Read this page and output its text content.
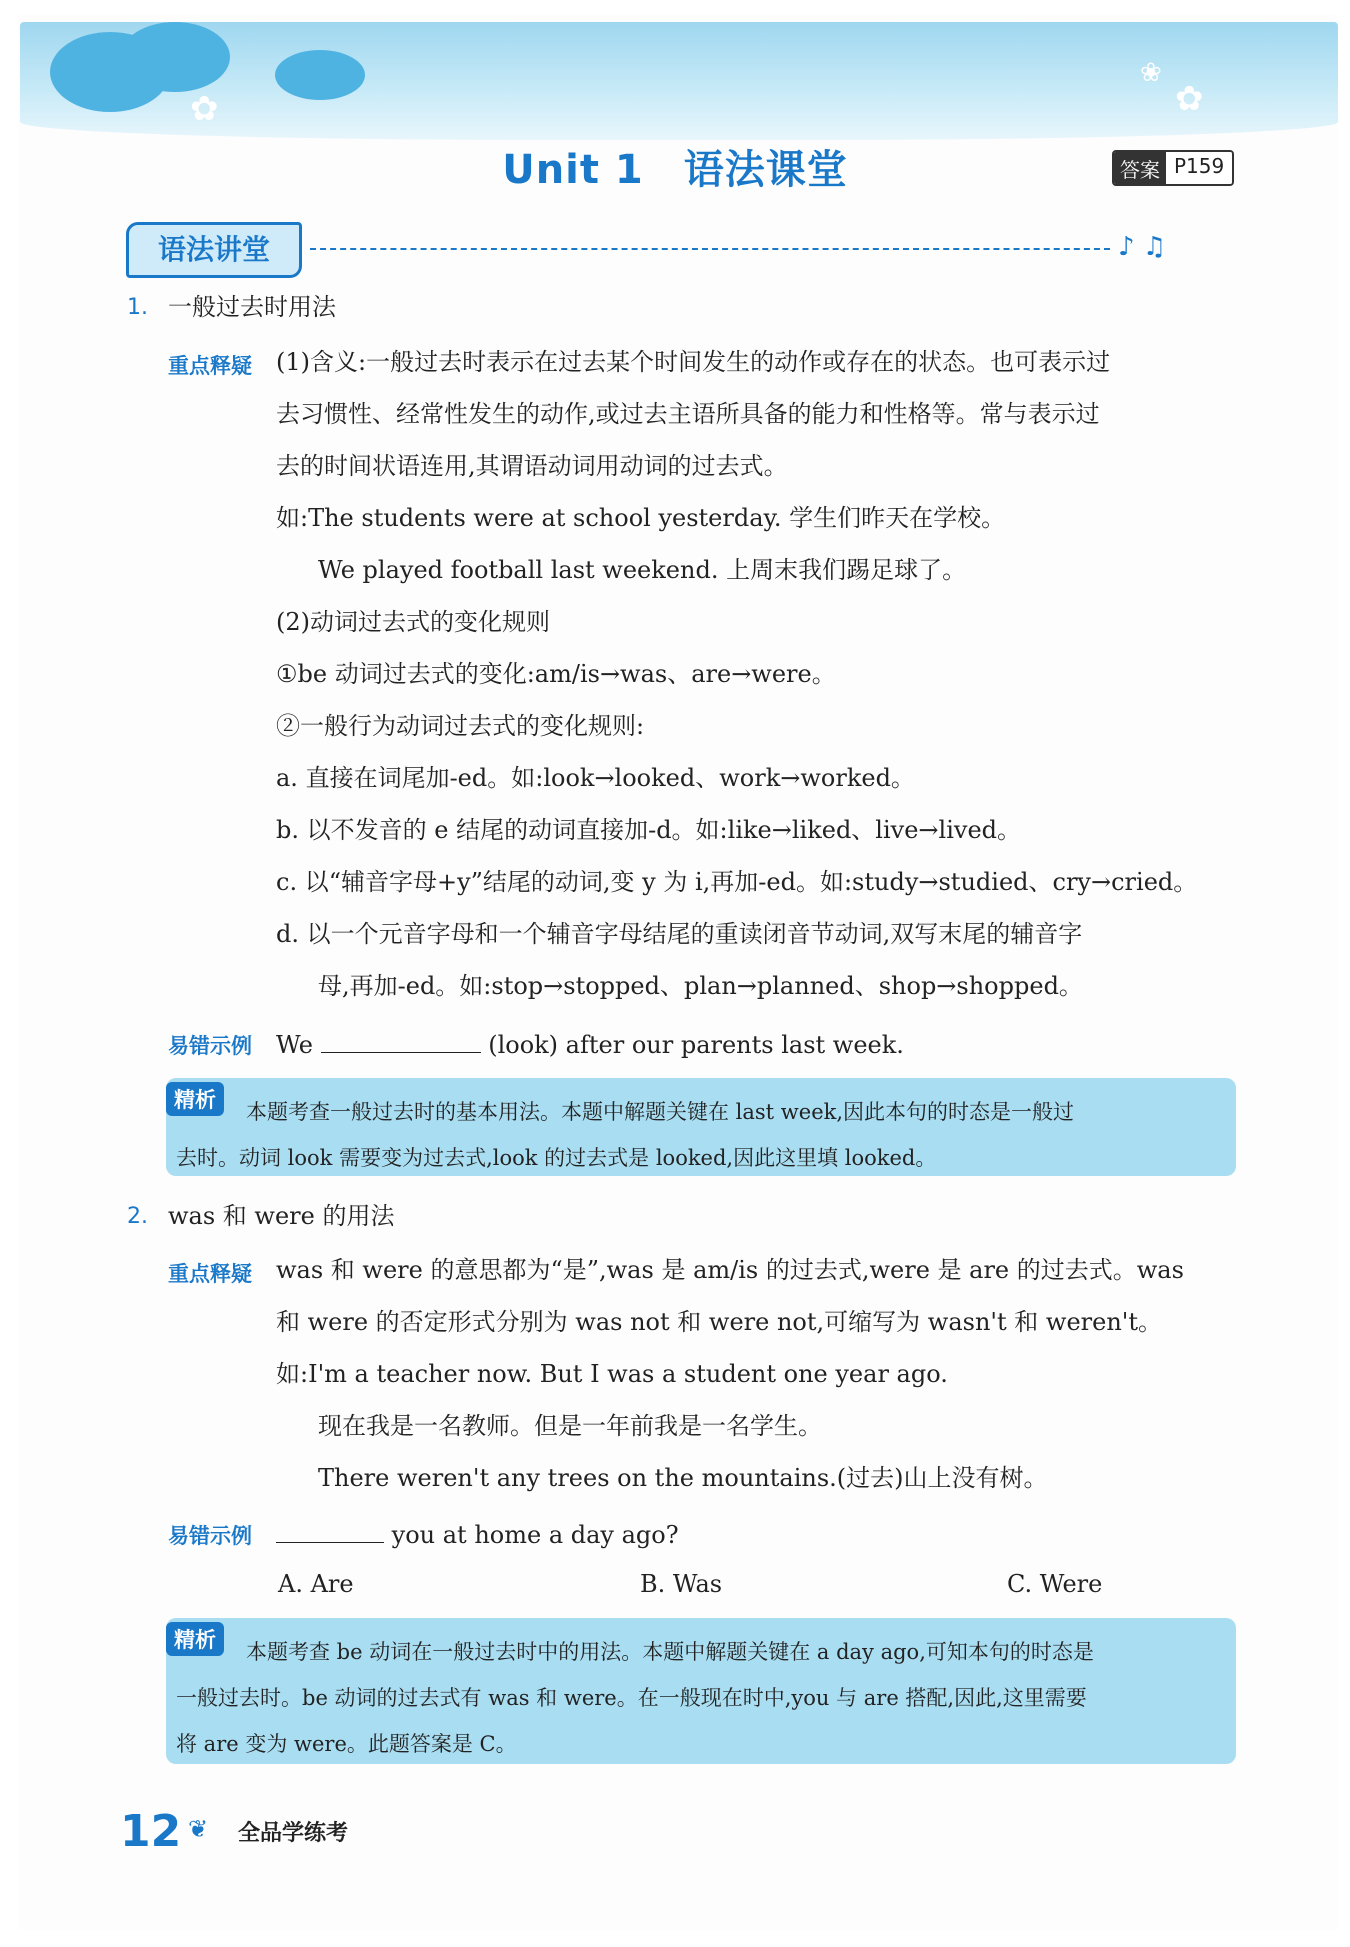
✿	✿
❀
Unit 1 语法课堂	答案 P159
语法讲堂	♪ ♫
1. 一般过去时用法
重点释疑 (1)含义:一般过去时表示在过去某个时间发生的动作或存在的状态。也可表示过
去习惯性、经常性发生的动作,或过去主语所具备的能力和性格等。常与表示过
去的时间状语连用,其谓语动词用动词的过去式。
如:The students were at school yesterday. 学生们昨天在学校。
We played football last weekend. 上周末我们踢足球了。
(2)动词过去式的变化规则
①be 动词过去式的变化:am/is→was、are→were。
②一般行为动词过去式的变化规则:
a. 直接在词尾加-ed。如:look→looked、work→worked。
b. 以不发音的 e 结尾的动词直接加-d。如:like→liked、live→lived。
c. 以“辅音字母+y”结尾的动词,变 y 为 i,再加-ed。如:study→studied、cry→cried。
d. 以一个元音字母和一个辅音字母结尾的重读闭音节动词,双写末尾的辅音字
母,再加-ed。如:stop→stopped、plan→planned、shop→shopped。
易错示例 We	(look) after our parents last week.
精析	本题考查一般过去时的基本用法。本题中解题关键在 last week,因此本句的时态是一般过
去时。动词 look 需要变为过去式,look 的过去式是 looked,因此这里填 looked。
2. was 和 were 的用法
重点释疑 was 和 were 的意思都为“是”,was 是 am/is 的过去式,were 是 are 的过去式。was
和 were 的否定形式分别为 was not 和 were not,可缩写为 wasn't 和 weren't。
如:I'm a teacher now. But I was a student one year ago.
现在我是一名教师。但是一年前我是一名学生。
There weren't any trees on the mountains.(过去)山上没有树。
易错示例	you at home a day ago?
A. Are	B. Was	C. Were
精析	本题考查 be 动词在一般过去时中的用法。本题中解题关键在 a day ago,可知本句的时态是
一般过去时。be 动词的过去式有 was 和 were。在一般现在时中,you 与 are 搭配,因此,这里需要
将 are 变为 were。此题答案是 C。
12 ❦ 全品学练考
